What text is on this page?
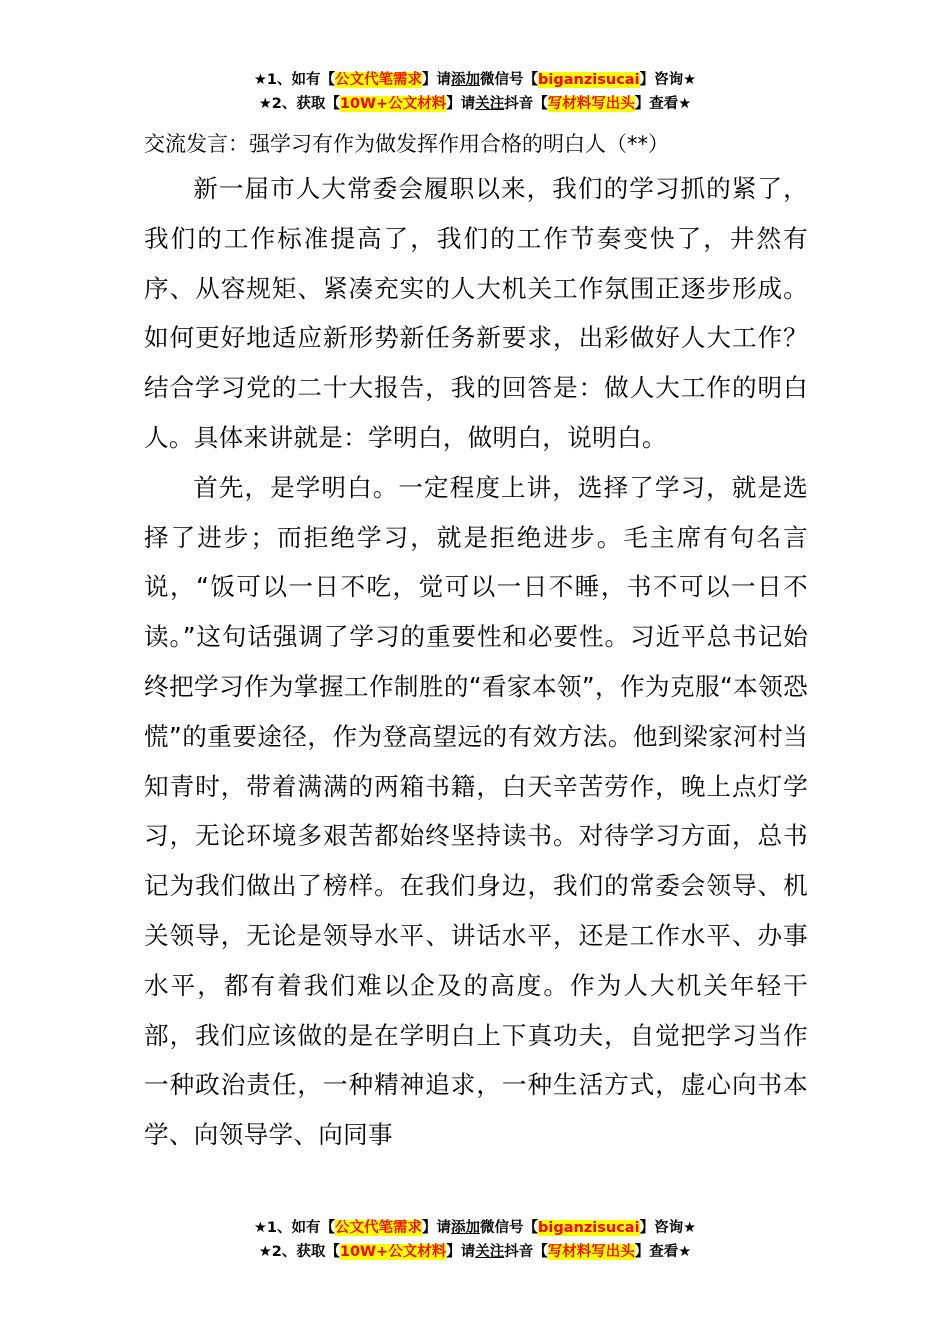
★1、如有【公文代笔需求】请添加微信号【biganzisucai】咨询★
★2、获取【10W+公文材料】请关注抖音【写材料写出头】查看★

交流发言：强学习有作为做发挥作用合格的明白人（**）

新一届市人大常委会履职以来，我们的学习抓的紧了，我们的工作标准提高了，我们的工作节奏变快了，井然有序、从容规矩、紧凑充实的人大机关工作氛围正逐步形成。如何更好地适应新形势新任务新要求，出彩做好人大工作？结合学习党的二十大报告，我的回答是：做人大工作的明白人。具体来讲就是：学明白，做明白，说明白。

首先，是学明白。一定程度上讲，选择了学习，就是选择了进步；而拒绝学习，就是拒绝进步。毛主席有句名言说，“饭可以一日不吃，觉可以一日不睡，书不可以一日不读。”这句话强调了学习的重要性和必要性。习近平总书记始终把学习作为掌握工作制胜的“看家本领”，作为克服“本领恐慌”的重要途径，作为登高望远的有效方法。他到梁家河村当知青时，带着满满的两箱书籍，白天辛苦劳作，晚上点灯学习，无论环境多艰苦都始终坚持读书。对待学习方面，总书记为我们做出了榜样。在我们身边，我们的常委会领导、机关领导，无论是领导水平、讲话水平，还是工作水平、办事水平，都有着我们难以企及的高度。作为人大机关年轻干部，我们应该做的是在学明白上下真功夫，自觉把学习当作一种政治责任，一种精神追求，一种生活方式，虚心向书本学、向领导学、向同事

★1、如有【公文代笔需求】请添加微信号【biganzisucai】咨询★
★2、获取【10W+公文材料】请关注抖音【写材料写出头】查看★
